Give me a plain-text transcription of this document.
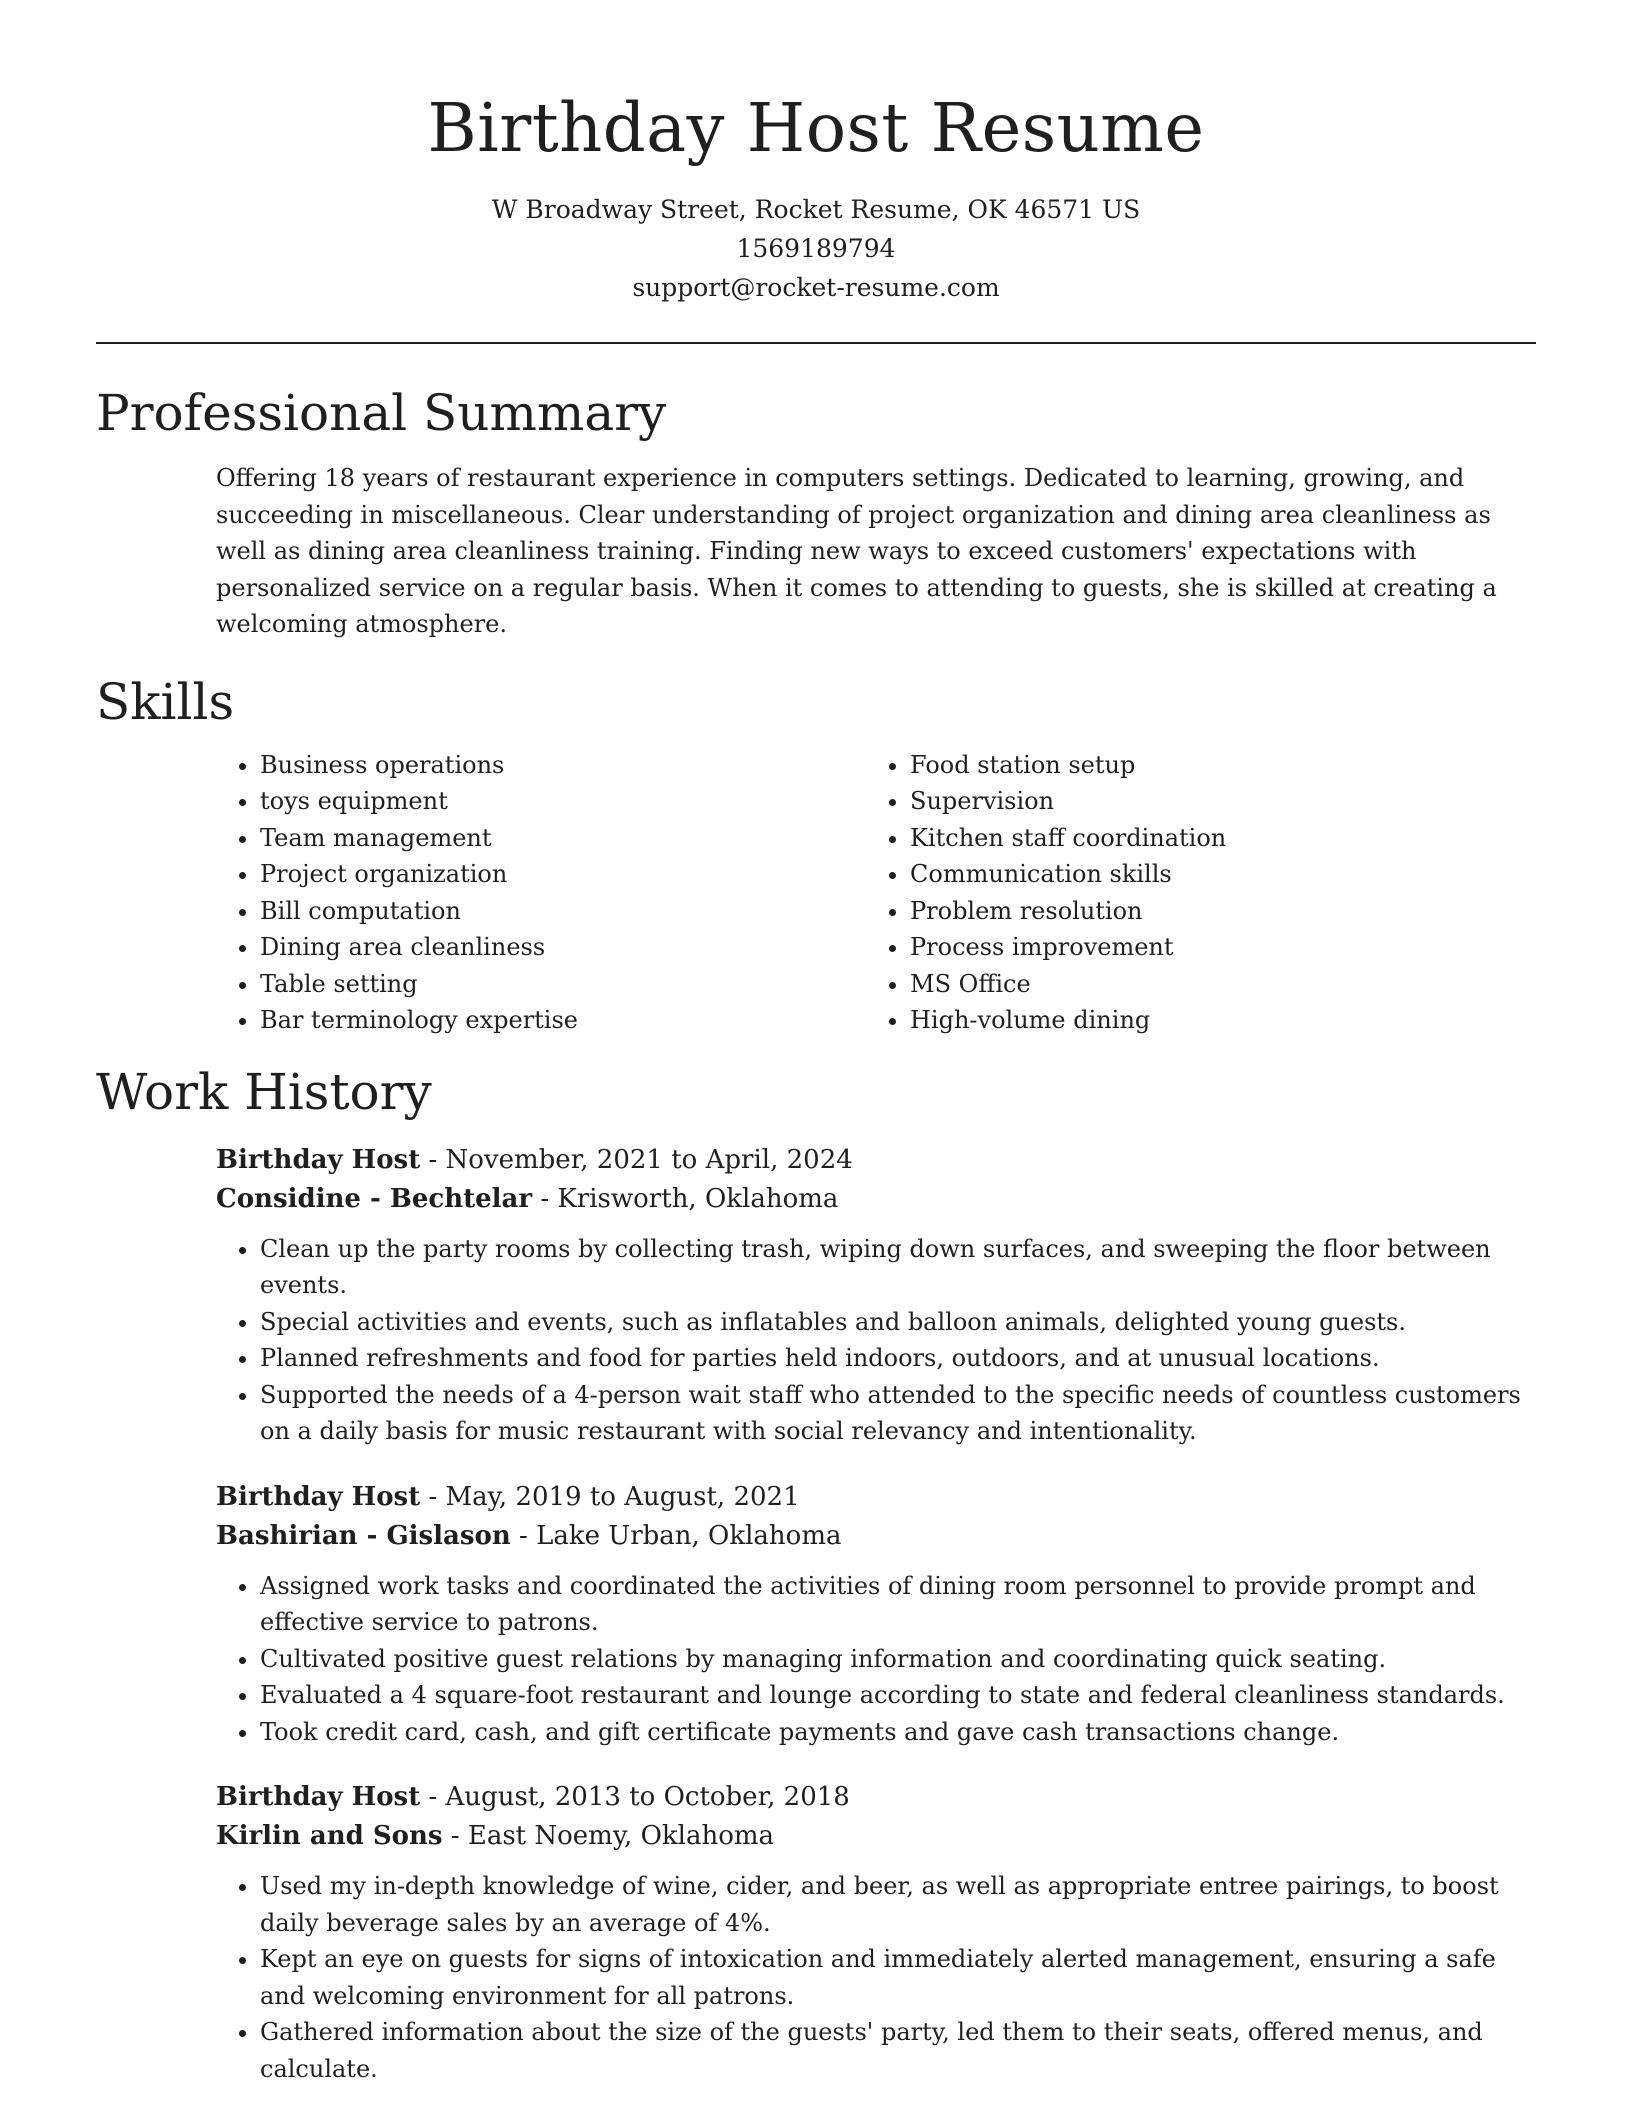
Birthday Host Resume
W Broadway Street, Rocket Resume, OK 46571 US
1569189794
support@rocket-resume.com
Professional Summary

Offering 18 years of restaurant experience in computers settings. Dedicated to learning, growing, and succeeding in miscellaneous. Clear understanding of project organization and dining area cleanliness as well as dining area cleanliness training. Finding new ways to exceed customers' expectations with personalized service on a regular basis. When it comes to attending to guests, she is skilled at creating a welcoming atmosphere.

Skills
• Business operations
• toys equipment
• Team management
• Project organization
• Bill computation
• Dining area cleanliness
• Table setting
• Bar terminology expertise
• Food station setup
• Supervision
• Kitchen staff coordination
• Communication skills
• Problem resolution
• Process improvement
• MS Office
• High-volume dining
Work History
Birthday Host - November, 2021 to April, 2024
Considine - Bechtelar - Krisworth, Oklahoma
• Clean up the party rooms by collecting trash, wiping down surfaces, and sweeping the floor between events.
• Special activities and events, such as inflatables and balloon animals, delighted young guests.
• Planned refreshments and food for parties held indoors, outdoors, and at unusual locations.
• Supported the needs of a 4-person wait staff who attended to the specific needs of countless customers on a daily basis for music restaurant with social relevancy and intentionality.
Birthday Host - May, 2019 to August, 2021
Bashirian - Gislason - Lake Urban, Oklahoma
• Assigned work tasks and coordinated the activities of dining room personnel to provide prompt and effective service to patrons.
• Cultivated positive guest relations by managing information and coordinating quick seating.
• Evaluated a 4 square-foot restaurant and lounge according to state and federal cleanliness standards.
• Took credit card, cash, and gift certificate payments and gave cash transactions change.
Birthday Host - August, 2013 to October, 2018
Kirlin and Sons - East Noemy, Oklahoma
• Used my in-depth knowledge of wine, cider, and beer, as well as appropriate entree pairings, to boost daily beverage sales by an average of 4%.
• Kept an eye on guests for signs of intoxication and immediately alerted management, ensuring a safe and welcoming environment for all patrons.
• Gathered information about the size of the guests' party, led them to their seats, offered menus, and calculate.
